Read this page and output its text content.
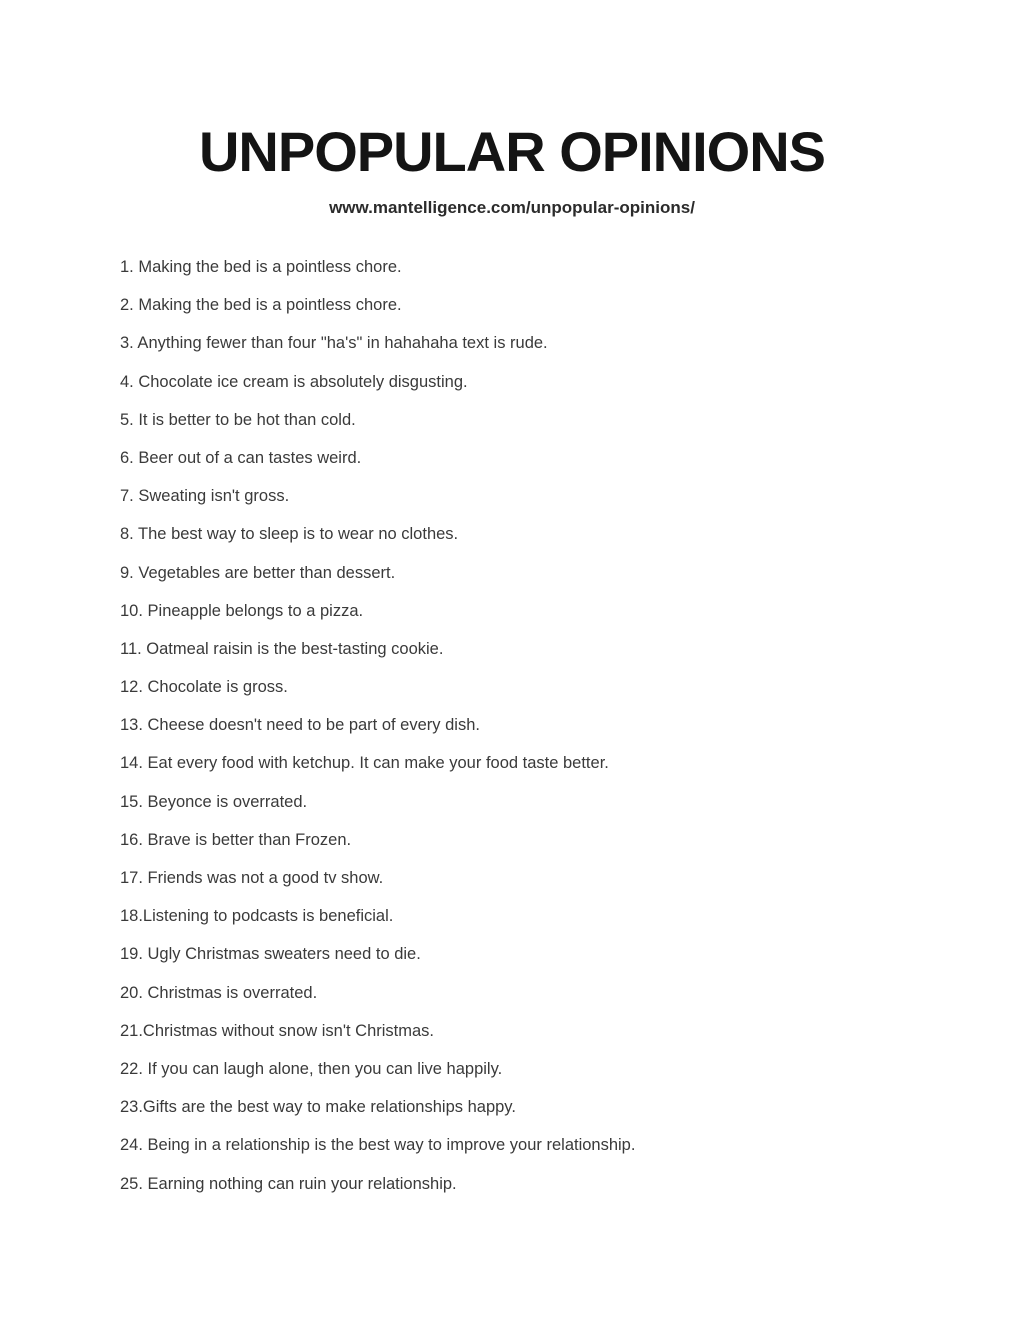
UNPOPULAR OPINIONS
www.mantelligence.com/unpopular-opinions/
1. Making the bed is a pointless chore.
2. Making the bed is a pointless chore.
3. Anything fewer than four "ha's" in hahahaha text is rude.
4. Chocolate ice cream is absolutely disgusting.
5. It is better to be hot than cold.
6. Beer out of a can tastes weird.
7. Sweating isn't gross.
8. The best way to sleep is to wear no clothes.
9. Vegetables are better than dessert.
10. Pineapple belongs to a pizza.
11. Oatmeal raisin is the best-tasting cookie.
12. Chocolate is gross.
13. Cheese doesn't need to be part of every dish.
14. Eat every food with ketchup. It can make your food taste better.
15. Beyonce is overrated.
16. Brave is better than Frozen.
17. Friends was not a good tv show.
18.Listening to podcasts is beneficial.
19. Ugly Christmas sweaters need to die.
20. Christmas is overrated.
21.Christmas without snow isn't Christmas.
22. If you can laugh alone, then you can live happily.
23.Gifts are the best way to make relationships happy.
24. Being in a relationship is the best way to improve your relationship.
25. Earning nothing can ruin your relationship.
